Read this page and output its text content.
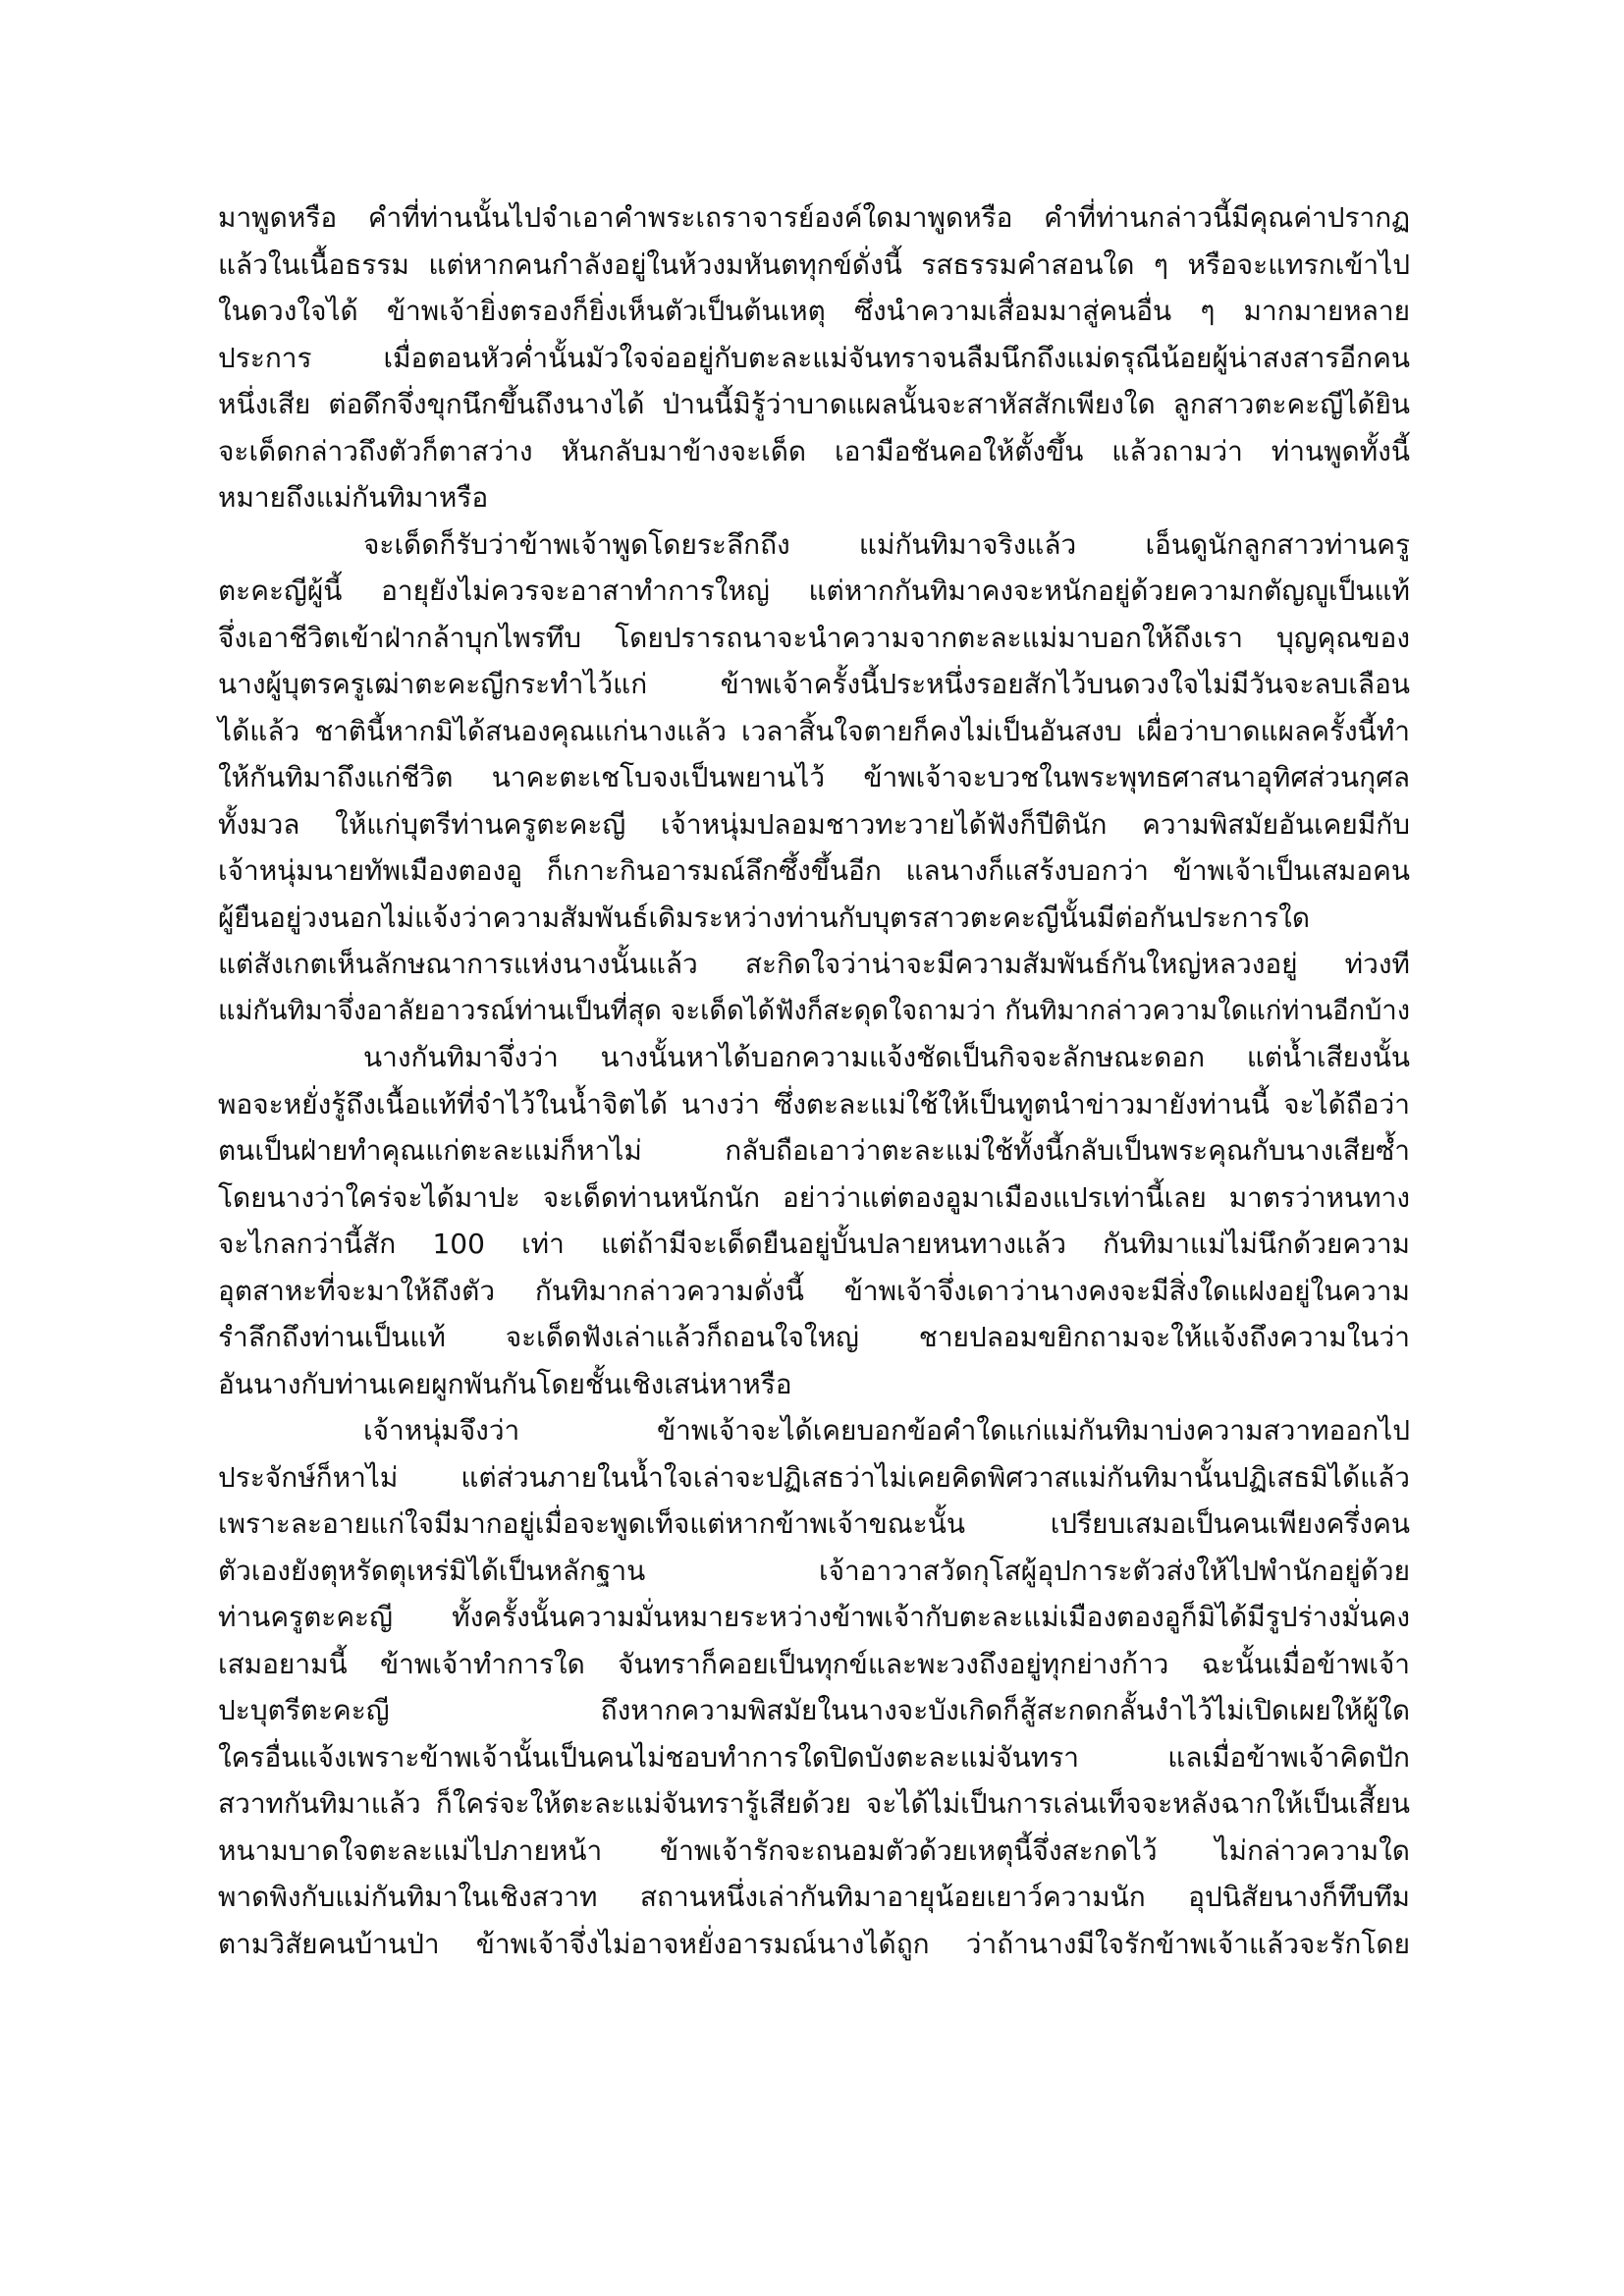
มาพูดหรือ คำที่ท่านนั้นไปจำเอาคำพระเถราจารย์องค์ใดมาพูดหรือ คำที่ท่านกล่าวนี้มีคุณค่าปรากฏ
แล้วในเนื้อธรรม แต่หากคนกำลังอยู่ในห้วงมหันตทุกข์ดั่งนี้ รสธรรมคำสอนใด ๆ หรือจะแทรกเข้าไป
ในดวงใจได้ ข้าพเจ้ายิ่งตรองก็ยิ่งเห็นตัวเป็นต้นเหตุ ซึ่งนำความเสื่อมมาสู่คนอื่น ๆ มากมายหลาย
ประการ เมื่อตอนหัวค่ำนั้นมัวใจจ่ออยู่กับตะละแม่จันทราจนลืมนึกถึงแม่ดรุณีน้อยผู้น่าสงสารอีกคน
หนึ่งเสีย ต่อดึกจึ่งขุกนึกขึ้นถึงนางได้ ป่านนี้มิรู้ว่าบาดแผลนั้นจะสาหัสสักเพียงใด ลูกสาวตะคะญีได้ยิน
จะเด็ดกล่าวถึงตัวก็ตาสว่าง หันกลับมาข้างจะเด็ด เอามือชันคอให้ตั้งขึ้น แล้วถามว่า ท่านพูดทั้งนี้
หมายถึงแม่กันทิมาหรือ
จะเด็ดก็รับว่าข้าพเจ้าพูดโดยระลึกถึง แม่กันทิมาจริงแล้ว เอ็นดูนักลูกสาวท่านครู
ตะคะญีผู้นี้ อายุยังไม่ควรจะอาสาทำการใหญ่ แต่หากกันทิมาคงจะหนักอยู่ด้วยความกตัญญูเป็นแท้
จึ่งเอาชีวิตเข้าฝ่ากล้าบุกไพรทึบ โดยปรารถนาจะนำความจากตะละแม่มาบอกให้ถึงเรา บุญคุณของ
นางผู้บุตรครูเฒ่าตะคะญีกระทำไว้แก่ ข้าพเจ้าครั้งนี้ประหนึ่งรอยสักไว้บนดวงใจไม่มีวันจะลบเลือน
ได้แล้ว ชาตินี้หากมิได้สนองคุณแก่นางแล้ว เวลาสิ้นใจตายก็คงไม่เป็นอันสงบ เผื่อว่าบาดแผลครั้งนี้ทำ
ให้กันทิมาถึงแก่ชีวิต นาคะตะเชโบจงเป็นพยานไว้ ข้าพเจ้าจะบวชในพระพุทธศาสนาอุทิศส่วนกุศล
ทั้งมวล ให้แก่บุตรีท่านครูตะคะญี เจ้าหนุ่มปลอมชาวทะวายได้ฟังก็ปีตินัก ความพิสมัยอันเคยมีกับ
เจ้าหนุ่มนายทัพเมืองตองอู ก็เกาะกินอารมณ์ลึกซึ้งขึ้นอีก แลนางก็แสร้งบอกว่า ข้าพเจ้าเป็นเสมอคน
ผู้ยืนอยู่วงนอกไม่แจ้งว่าความสัมพันธ์เดิมระหว่างท่านกับบุตรสาวตะคะญีนั้นมีต่อกันประการใด
แต่สังเกตเห็นลักษณาการแห่งนางนั้นแล้ว สะกิดใจว่าน่าจะมีความสัมพันธ์กันใหญ่หลวงอยู่ ท่วงที
แม่กันทิมาจึ่งอาลัยอาวรณ์ท่านเป็นที่สุด จะเด็ดได้ฟังก็สะดุดใจถามว่า กันทิมากล่าวความใดแก่ท่านอีกบ้าง
นางกันทิมาจึ่งว่า นางนั้นหาได้บอกความแจ้งชัดเป็นกิจจะลักษณะดอก แต่น้ำเสียงนั้น
พอจะหยั่งรู้ถึงเนื้อแท้ที่จำไว้ในน้ำจิตได้ นางว่า ซึ่งตะละแม่ใช้ให้เป็นทูตนำข่าวมายังท่านนี้ จะได้ถือว่า
ตนเป็นฝ่ายทำคุณแก่ตะละแม่ก็หาไม่ กลับถือเอาว่าตะละแม่ใช้ทั้งนี้กลับเป็นพระคุณกับนางเสียซ้ำ
โดยนางว่าใคร่จะได้มาปะ จะเด็ดท่านหนักนัก อย่าว่าแต่ตองอูมาเมืองแปรเท่านี้เลย มาตรว่าหนทาง
จะไกลกว่านี้สัก 100 เท่า แต่ถ้ามีจะเด็ดยืนอยู่บั้นปลายหนทางแล้ว กันทิมาแม่ไม่นึกด้วยความ
อุตสาหะที่จะมาให้ถึงตัว กันทิมากล่าวความดั่งนี้ ข้าพเจ้าจึ่งเดาว่านางคงจะมีสิ่งใดแฝงอยู่ในความ
รำลึกถึงท่านเป็นแท้ จะเด็ดฟังเล่าแล้วก็ถอนใจใหญ่ ชายปลอมขยิกถามจะให้แจ้งถึงความในว่า
อันนางกับท่านเคยผูกพันกันโดยชั้นเชิงเสน่หาหรือ
เจ้าหนุ่มจึงว่า ข้าพเจ้าจะได้เคยบอกข้อคำใดแก่แม่กันทิมาบ่งความสวาทออกไป
ประจักษ์ก็หาไม่ แต่ส่วนภายในน้ำใจเล่าจะปฏิเสธว่าไม่เคยคิดพิศวาสแม่กันทิมานั้นปฏิเสธมิได้แล้ว
เพราะละอายแก่ใจมีมากอยู่เมื่อจะพูดเท็จแต่หากข้าพเจ้าขณะนั้น เปรียบเสมอเป็นคนเพียงครึ่งคน
ตัวเองยังตุหรัดตุเหร่มิได้เป็นหลักฐาน เจ้าอาวาสวัดกุโสผู้อุปการะตัวส่งให้ไปพำนักอยู่ด้วย
ท่านครูตะคะญี ทั้งครั้งนั้นความมั่นหมายระหว่างข้าพเจ้ากับตะละแม่เมืองตองอูก็มิได้มีรูปร่างมั่นคง
เสมอยามนี้ ข้าพเจ้าทำการใด จันทราก็คอยเป็นทุกข์และพะวงถึงอยู่ทุกย่างก้าว ฉะนั้นเมื่อข้าพเจ้า
ปะบุตรีตะคะญี ถึงหากความพิสมัยในนางจะบังเกิดก็สู้สะกดกลั้นงำไว้ไม่เปิดเผยให้ผู้ใด
ใครอื่นแจ้งเพราะข้าพเจ้านั้นเป็นคนไม่ชอบทำการใดปิดบังตะละแม่จันทรา แลเมื่อข้าพเจ้าคิดปัก
สวาทกันทิมาแล้ว ก็ใคร่จะให้ตะละแม่จันทรารู้เสียด้วย จะได้ไม่เป็นการเล่นเท็จจะหลังฉากให้เป็นเสี้ยน
หนามบาดใจตะละแม่ไปภายหน้า ข้าพเจ้ารักจะถนอมตัวด้วยเหตุนี้จึ่งสะกดไว้ ไม่กล่าวความใด
พาดพิงกับแม่กันทิมาในเชิงสวาท สถานหนึ่งเล่ากันทิมาอายุน้อยเยาว์ความนัก อุปนิสัยนางก็ทึบทึม
ตามวิสัยคนบ้านป่า ข้าพเจ้าจึ่งไม่อาจหยั่งอารมณ์นางได้ถูก ว่าถ้านางมีใจรักข้าพเจ้าแล้วจะรักโดย
